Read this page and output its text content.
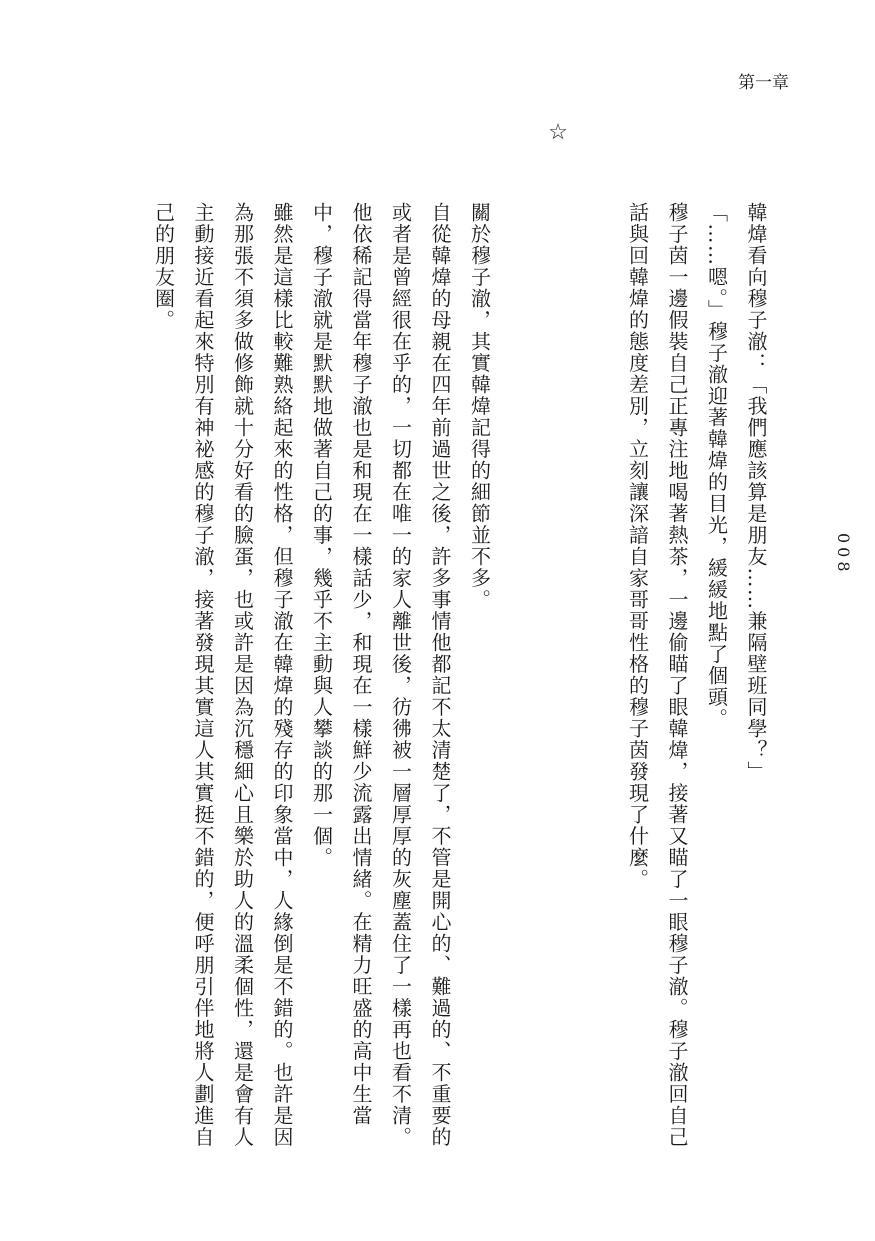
第一章
008

韓煒看向穆子澈：「我們應該算是朋友……兼隔壁班同學？」

「……嗯。」穆子澈迎著韓煒的目光，緩緩地點了個頭。

穆子茵一邊假裝自己正專注地喝著熱茶，一邊偷瞄了眼韓煒，接著又瞄了一眼穆子澈。穆子澈回自己話與回韓煒的態度差別，立刻讓深諳自家哥哥性格的穆子茵發現了什麼。

☆

關於穆子澈，其實韓煒記得的細節並不多。

自從韓煒的母親在四年前過世之後，許多事情他都記不太清楚了，不管是開心的、難過的、不重要的或者是曾經很在乎的，一切都在唯一的家人離世後，彷彿被一層厚厚的灰塵蓋住了一樣再也看不清。

他依稀記得當年穆子澈也是和現在一樣話少，和現在一樣鮮少流露出情緒。在精力旺盛的高中生當中，穆子澈就是默默地做著自己的事，幾乎不主動與人攀談的那一個。

雖然是這樣比較難熟絡起來的性格，但穆子澈在韓煒的殘存的印象當中，人緣倒是不錯的。也許是因為那張不須多做修飾就十分好看的臉蛋，也或許是因為沉穩細心且樂於助人的溫柔個性，還是會有人主動接近看起來特別有神祕感的穆子澈，接著發現其實這人其實挺不錯的，便呼朋引伴地將人劃進自己的朋友圈。
